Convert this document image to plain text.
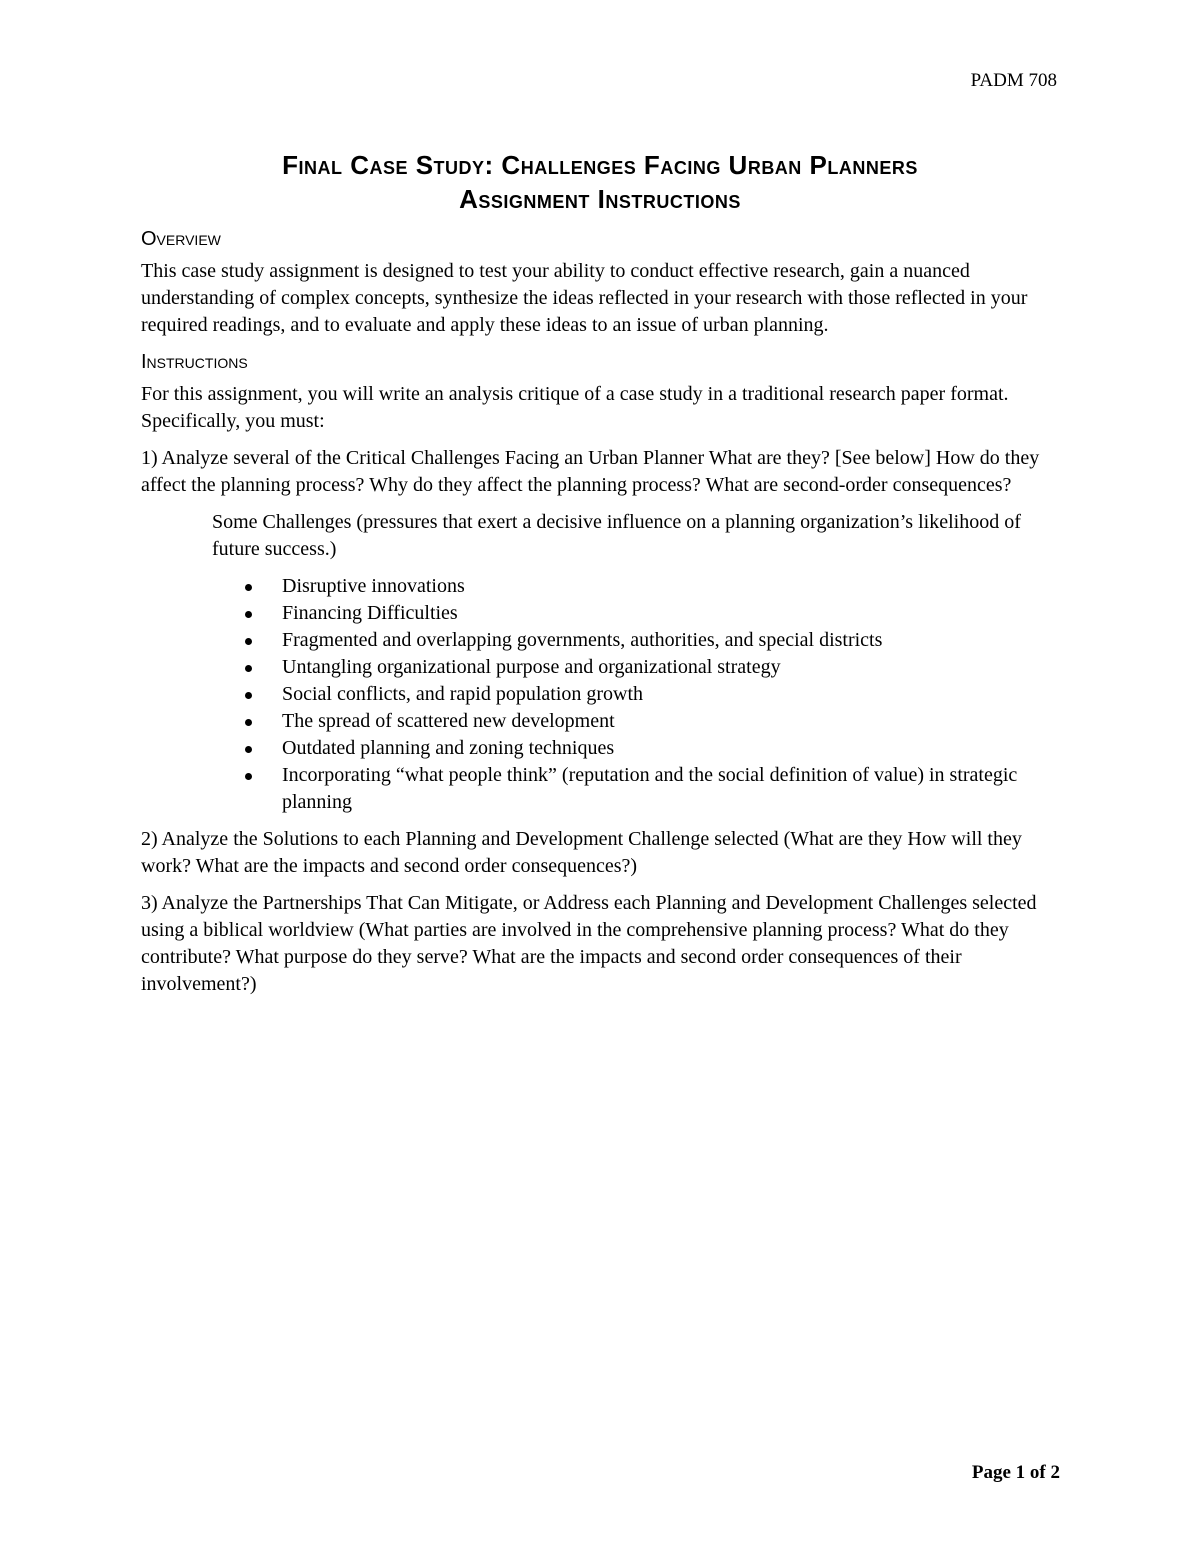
PADM 708
Final Case Study: Challenges Facing Urban Planners
Assignment Instructions
Overview

This case study assignment is designed to test your ability to conduct effective research, gain a nuanced understanding of complex concepts, synthesize the ideas reflected in your research with those reflected in your required readings, and to evaluate and apply these ideas to an issue of urban planning.

Instructions

For this assignment, you will write an analysis critique of a case study in a traditional research paper format. Specifically, you must:

1) Analyze several of the Critical Challenges Facing an Urban Planner What are they? [See below] How do they affect the planning process? Why do they affect the planning process? What are second-order consequences?

Some Challenges (pressures that exert a decisive influence on a planning organization’s likelihood of future success.)

Disruptive innovations
Financing Difficulties
Fragmented and overlapping governments, authorities, and special districts
Untangling organizational purpose and organizational strategy
Social conflicts, and rapid population growth
The spread of scattered new development
Outdated planning and zoning techniques
Incorporating “what people think” (reputation and the social definition of value) in strategic planning

2) Analyze the Solutions to each Planning and Development Challenge selected (What are they How will they work? What are the impacts and second order consequences?)

3) Analyze the Partnerships That Can Mitigate, or Address each Planning and Development Challenges selected using a biblical worldview (What parties are involved in the comprehensive planning process? What do they contribute? What purpose do they serve? What are the impacts and second order consequences of their involvement?)

Page 1 of 2
